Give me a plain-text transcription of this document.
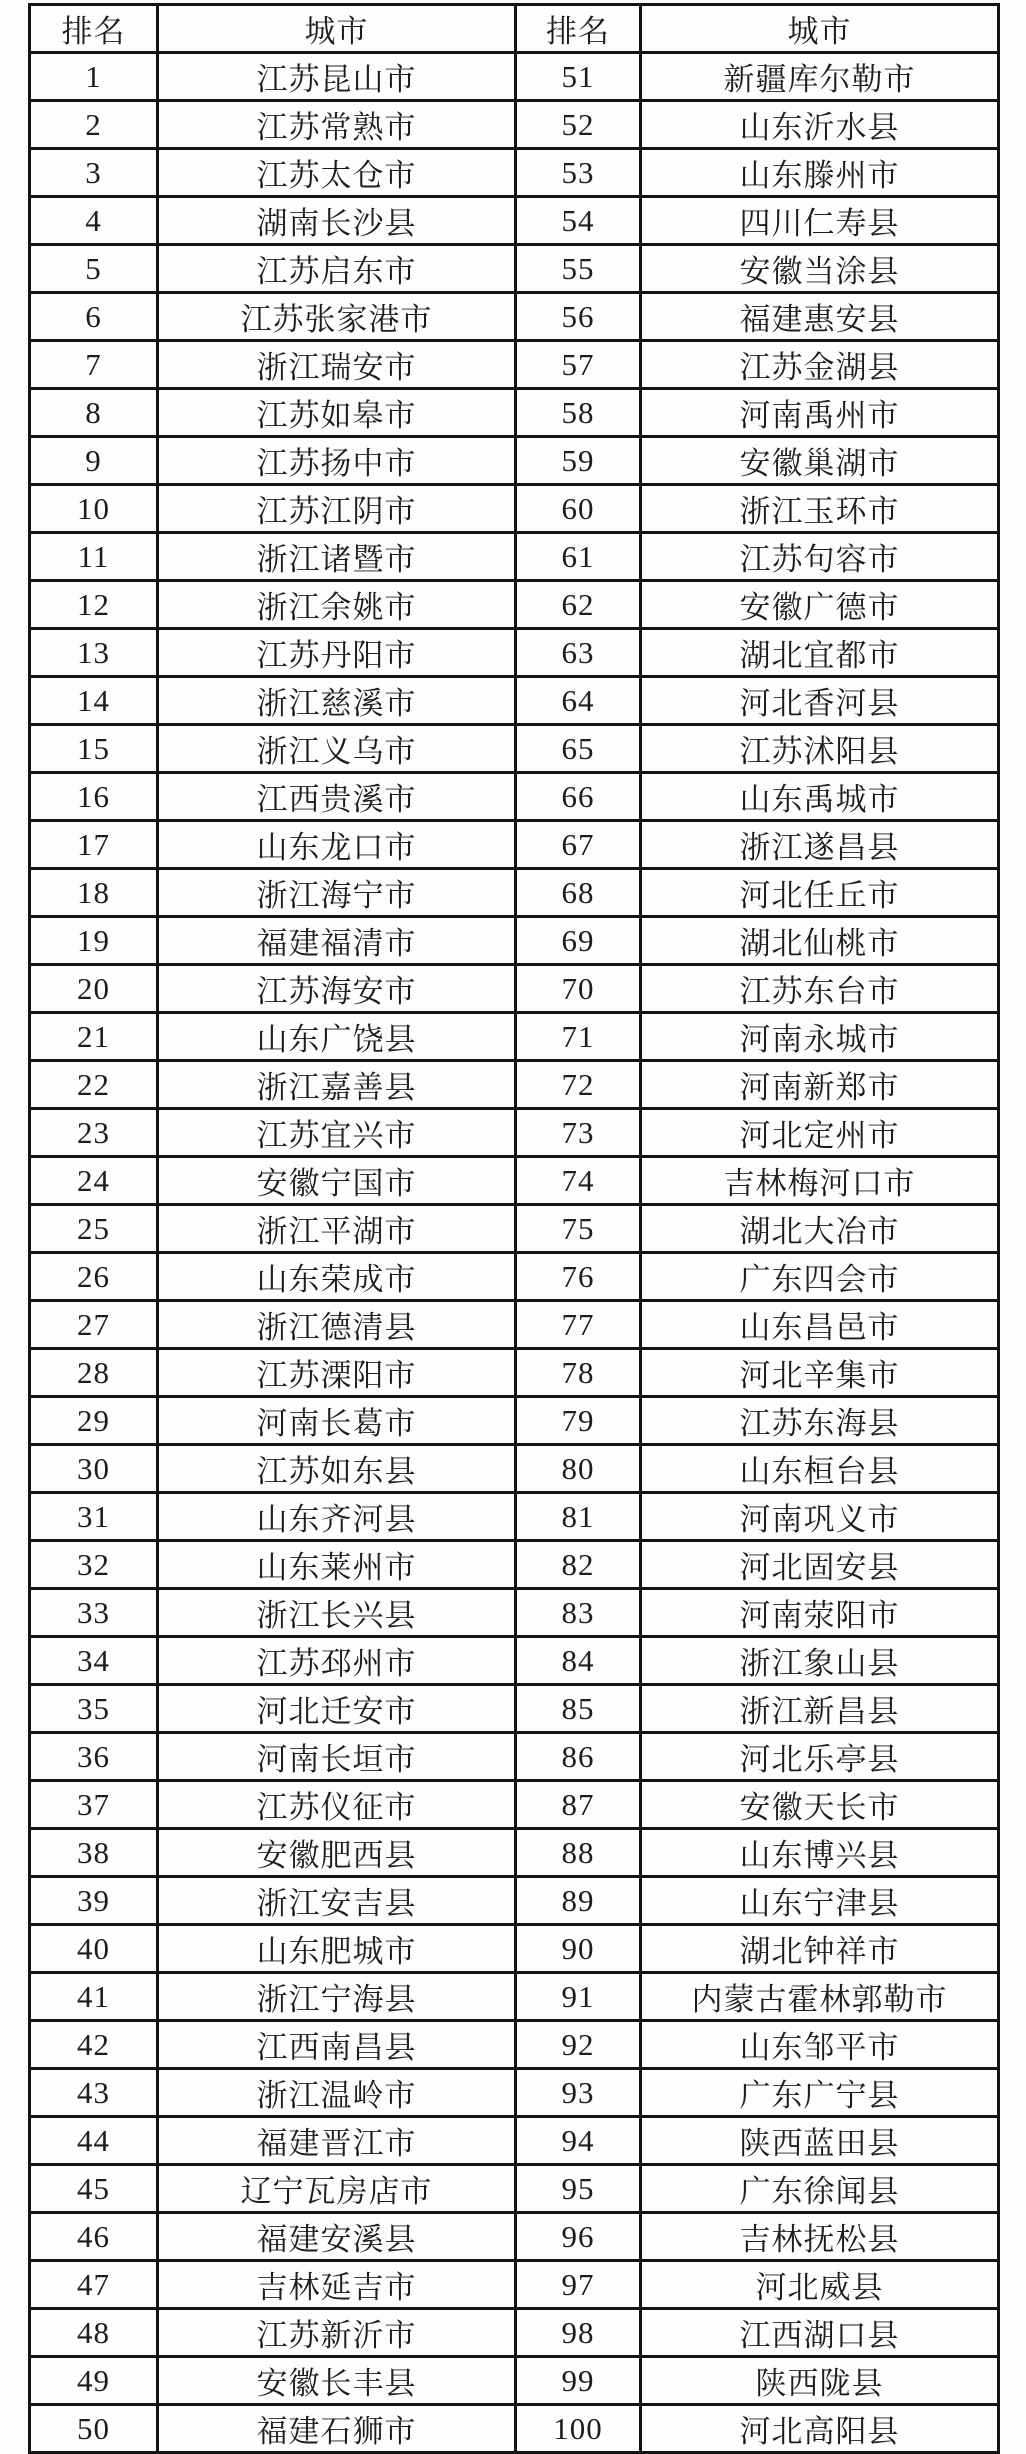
排名	城市	排名	城市
1	江苏昆山市	51	新疆库尔勒市
2	江苏常熟市	52	山东沂水县
3	江苏太仓市	53	山东滕州市
4	湖南长沙县	54	四川仁寿县
5	江苏启东市	55	安徽当涂县
6	江苏张家港市	56	福建惠安县
7	浙江瑞安市	57	江苏金湖县
8	江苏如皋市	58	河南禹州市
9	江苏扬中市	59	安徽巢湖市
10	江苏江阴市	60	浙江玉环市
11	浙江诸暨市	61	江苏句容市
12	浙江余姚市	62	安徽广德市
13	江苏丹阳市	63	湖北宜都市
14	浙江慈溪市	64	河北香河县
15	浙江义乌市	65	江苏沭阳县
16	江西贵溪市	66	山东禹城市
17	山东龙口市	67	浙江遂昌县
18	浙江海宁市	68	河北任丘市
19	福建福清市	69	湖北仙桃市
20	江苏海安市	70	江苏东台市
21	山东广饶县	71	河南永城市
22	浙江嘉善县	72	河南新郑市
23	江苏宜兴市	73	河北定州市
24	安徽宁国市	74	吉林梅河口市
25	浙江平湖市	75	湖北大冶市
26	山东荣成市	76	广东四会市
27	浙江德清县	77	山东昌邑市
28	江苏溧阳市	78	河北辛集市
29	河南长葛市	79	江苏东海县
30	江苏如东县	80	山东桓台县
31	山东齐河县	81	河南巩义市
32	山东莱州市	82	河北固安县
33	浙江长兴县	83	河南荥阳市
34	江苏邳州市	84	浙江象山县
35	河北迁安市	85	浙江新昌县
36	河南长垣市	86	河北乐亭县
37	江苏仪征市	87	安徽天长市
38	安徽肥西县	88	山东博兴县
39	浙江安吉县	89	山东宁津县
40	山东肥城市	90	湖北钟祥市
41	浙江宁海县	91	内蒙古霍林郭勒市
42	江西南昌县	92	山东邹平市
43	浙江温岭市	93	广东广宁县
44	福建晋江市	94	陕西蓝田县
45	辽宁瓦房店市	95	广东徐闻县
46	福建安溪县	96	吉林抚松县
47	吉林延吉市	97	河北威县
48	江苏新沂市	98	江西湖口县
49	安徽长丰县	99	陕西陇县
50	福建石狮市	100	河北高阳县
